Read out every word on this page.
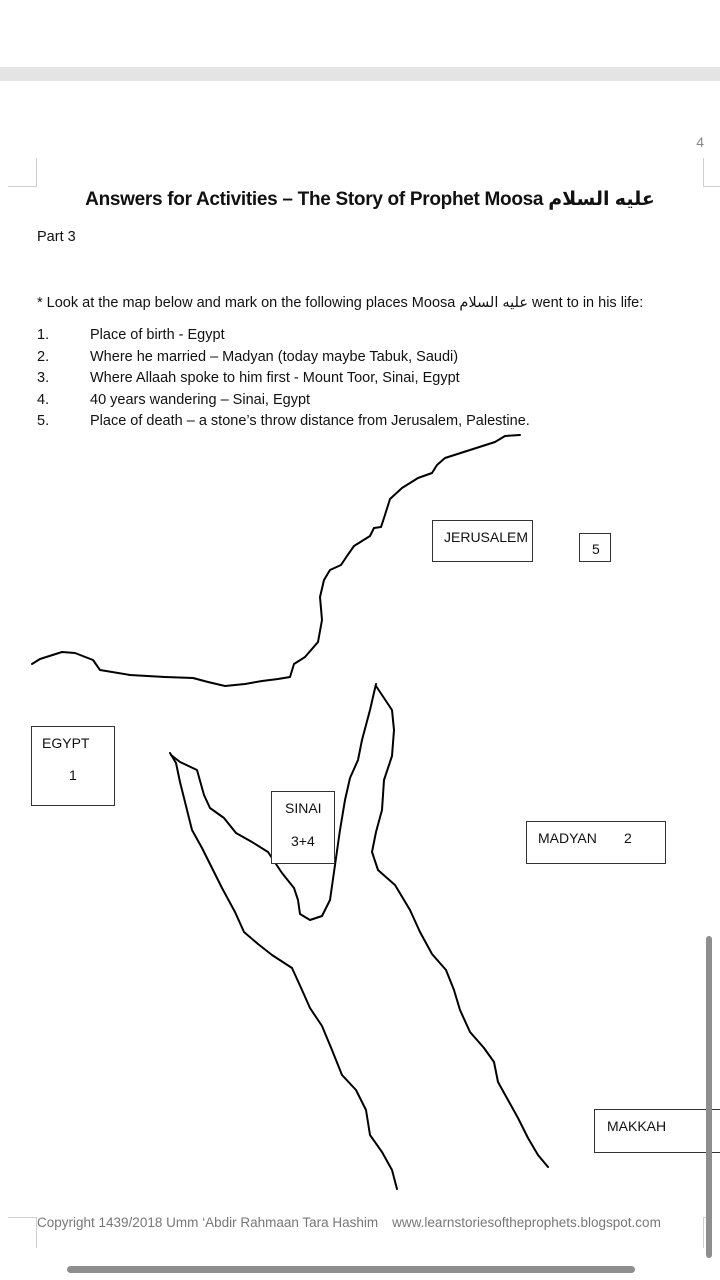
4
Answers for Activities – The Story of Prophet Moosa عليه السلام
Part 3
* Look at the map below and mark on the following places Moosa عليه السلام went to in his life:
1.	Place of birth - Egypt
2.	Where he married – Madyan (today maybe Tabuk, Saudi)
3.	Where Allaah spoke to him first - Mount Toor, Sinai, Egypt
4.	40 years wandering – Sinai, Egypt
5.	Place of death – a stone’s throw distance from Jerusalem, Palestine.
JERUSALEM
5
EGYPT
1
SINAI
3+4	MADYAN 2
MAKKAH
Copyright 1439/2018 Umm ‘Abdir Rahmaan Tara Hashim www.learnstoriesoftheprophets.blogspot.com
